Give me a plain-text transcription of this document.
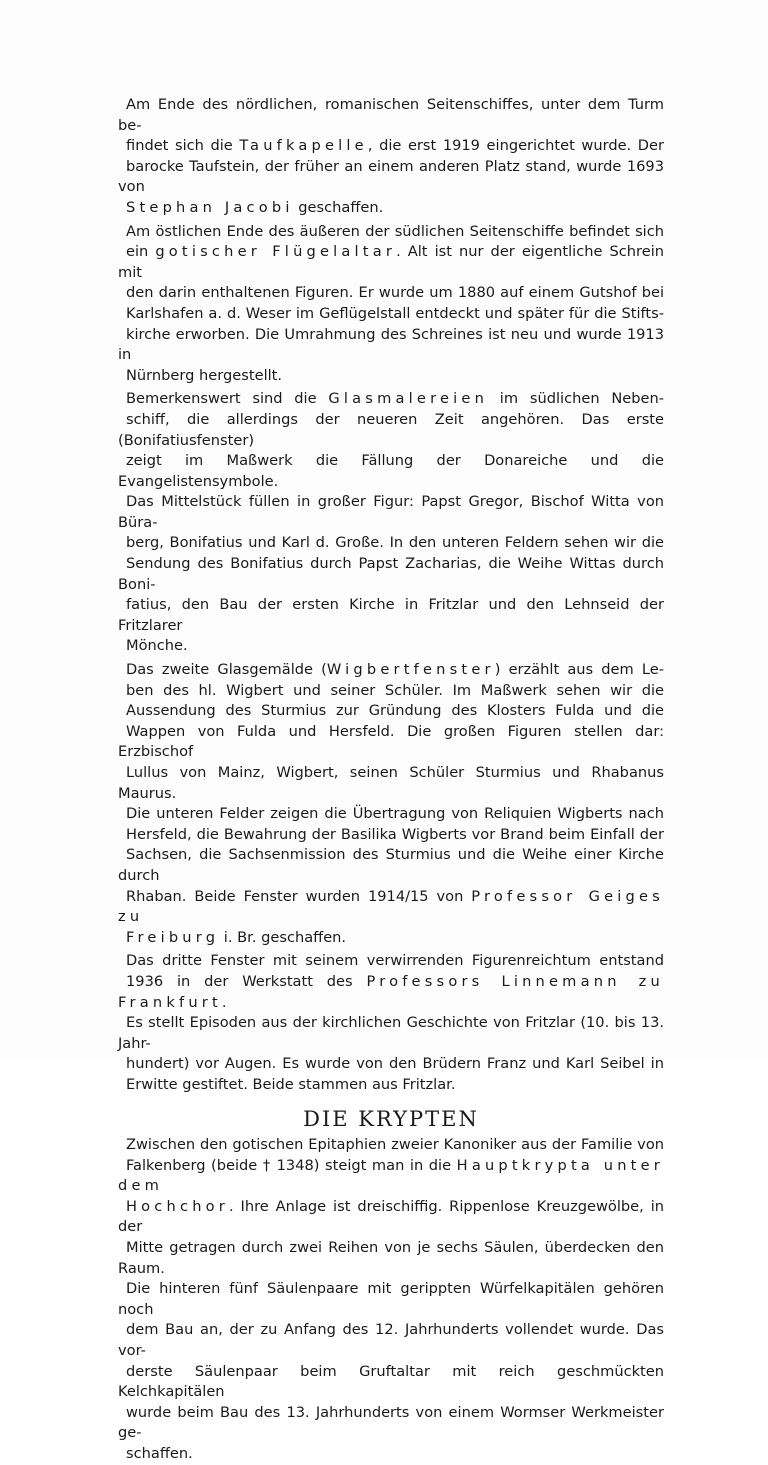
Am Ende des nördlichen, romanischen Seitenschiffes, unter dem Turm be-
findet sich die Taufkapelle, die erst 1919 eingerichtet wurde. Der
barocke Taufstein, der früher an einem anderen Platz stand, wurde 1693 von
Stephan Jacobi geschaffen.
Am östlichen Ende des äußeren der südlichen Seitenschiffe befindet sich
ein gotischer Flügelaltar. Alt ist nur der eigentliche Schrein mit
den darin enthaltenen Figuren. Er wurde um 1880 auf einem Gutshof bei
Karlshafen a. d. Weser im Geflügelstall entdeckt und später für die Stifts-
kirche erworben. Die Umrahmung des Schreines ist neu und wurde 1913 in
Nürnberg hergestellt.
Bemerkenswert sind die Glasmalereien im südlichen Neben-
schiff, die allerdings der neueren Zeit angehören. Das erste (Bonifatiusfenster)
zeigt im Maßwerk die Fällung der Donareiche und die Evangelistensymbole.
Das Mittelstück füllen in großer Figur: Papst Gregor, Bischof Witta von Büra-
berg, Bonifatius und Karl d. Große. In den unteren Feldern sehen wir die
Sendung des Bonifatius durch Papst Zacharias, die Weihe Wittas durch Boni-
fatius, den Bau der ersten Kirche in Fritzlar und den Lehnseid der Fritzlarer
Mönche.
Das zweite Glasgemälde (Wigbertfenster) erzählt aus dem Le-
ben des hl. Wigbert und seiner Schüler. Im Maßwerk sehen wir die
Aussendung des Sturmius zur Gründung des Klosters Fulda und die
Wappen von Fulda und Hersfeld. Die großen Figuren stellen dar: Erzbischof
Lullus von Mainz, Wigbert, seinen Schüler Sturmius und Rhabanus Maurus.
Die unteren Felder zeigen die Übertragung von Reliquien Wigberts nach
Hersfeld, die Bewahrung der Basilika Wigberts vor Brand beim Einfall der
Sachsen, die Sachsenmission des Sturmius und die Weihe einer Kirche durch
Rhaban. Beide Fenster wurden 1914/15 von Professor Geiges zu
Freiburg i. Br. geschaffen.
Das dritte Fenster mit seinem verwirrenden Figurenreichtum entstand
1936 in der Werkstatt des Professors Linnemann zu Frankfurt.
Es stellt Episoden aus der kirchlichen Geschichte von Fritzlar (10. bis 13. Jahr-
hundert) vor Augen. Es wurde von den Brüdern Franz und Karl Seibel in
Erwitte gestiftet. Beide stammen aus Fritzlar.
DIE KRYPTEN
Zwischen den gotischen Epitaphien zweier Kanoniker aus der Familie von
Falkenberg (beide † 1348) steigt man in die Hauptkrypta unter dem
Hochchor. Ihre Anlage ist dreischiffig. Rippenlose Kreuzgewölbe, in der
Mitte getragen durch zwei Reihen von je sechs Säulen, überdecken den Raum.
Die hinteren fünf Säulenpaare mit gerippten Würfelkapitälen gehören noch
dem Bau an, der zu Anfang des 12. Jahrhunderts vollendet wurde. Das vor-
derste Säulenpaar beim Gruftaltar mit reich geschmückten Kelchkapitälen
wurde beim Bau des 13. Jahrhunderts von einem Wormser Werkmeister ge-
schaffen.
